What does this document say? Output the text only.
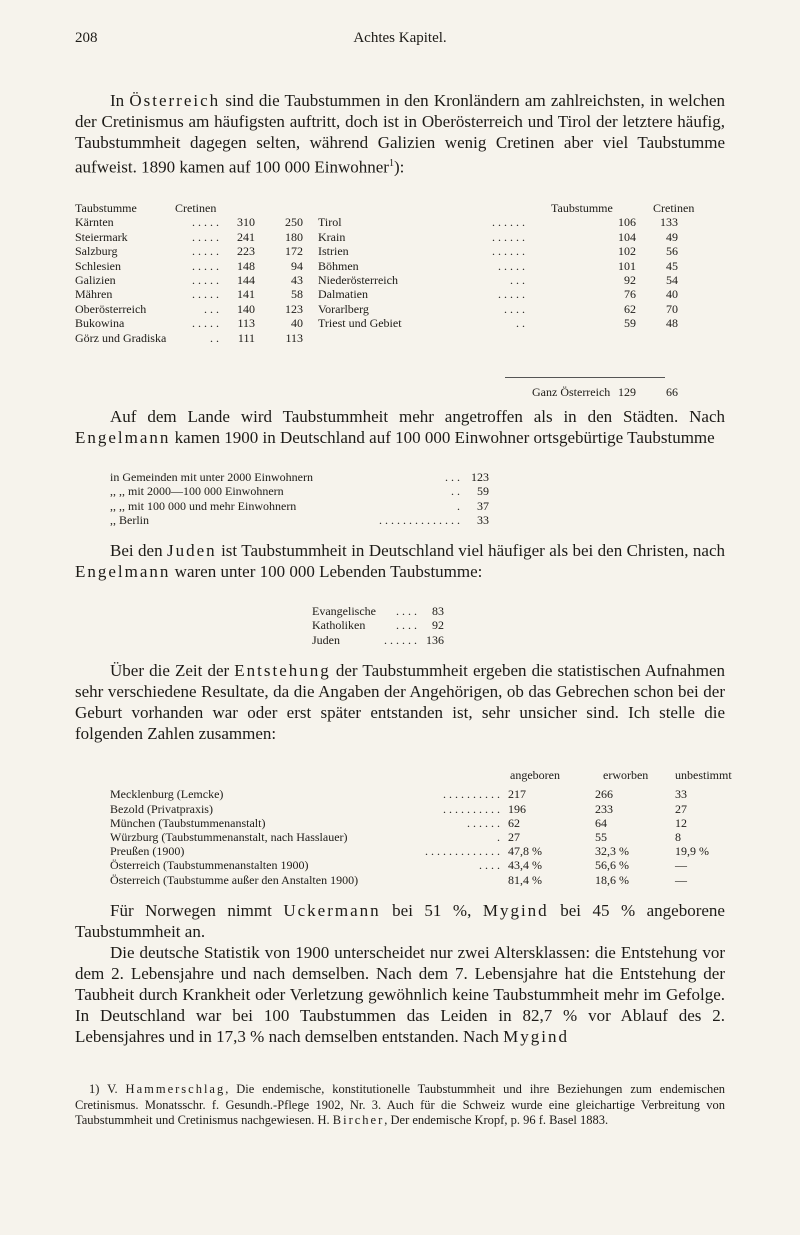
208	Achtes Kapitel.

In Österreich sind die Taubstummen in den Kronländern am zahlreichsten, in welchen der Cretinismus am häufigsten auftritt, doch ist in Oberösterreich und Tirol der letztere häufig, Taubstummheit dagegen selten, während Galizien wenig Cretinen aber viel Taubstumme aufweist. 1890 kamen auf 100 000 Einwohner$^1$):

Taubstumme	Cretinen	Taubstumme	Cretinen
Kärnten	. . . . .	310	250 Tirol	. . . . . .	106	133
Steiermark	. . . . .	241	180 Krain	. . . . . .	104	49
Salzburg	. . . . .	223	172 Istrien	. . . . . .	102	56
Schlesien	. . . . .	148	94 Böhmen	. . . . .	101	45
Galizien	. . . . .	144	43 Niederösterreich	. . .	92	54
Mähren	. . . . .	141	58 Dalmatien	. . . . .	76	40
Oberösterreich	. . .	140	123 Vorarlberg	. . . .	62	70
Bukowina	. . . . .	113	40 Triest und Gebiet	. .	59	48
Görz und Gradiska	. .	111	113
Ganz Österreich 129	66

Auf dem Lande wird Taubstummheit mehr angetroffen als in den Städten. Nach Engelmann kamen 1900 in Deutschland auf 100 000 Einwohner ortsgebürtige Taubstumme

in Gemeinden mit unter 2000 Einwohnern	. . . 123
,, ,, mit 2000—100 000 Einwohnern	. .	59
,, ,, mit 100 000 und mehr Einwohnern	.	37
,, Berlin	. . . . . . . . . . . . . .	33

Bei den Juden ist Taubstummheit in Deutschland viel häufiger als bei den Christen, nach Engelmann waren unter 100 000 Lebenden Taubstumme:

Evangelische	. . . .	83
Katholiken	. . . .	92
Juden	. . . . . . 136

Über die Zeit der Entstehung der Taubstummheit ergeben die statistischen Aufnahmen sehr verschiedene Resultate, da die Angaben der Angehörigen, ob das Gebrechen schon bei der Geburt vorhanden war oder erst später entstanden ist, sehr unsicher sind. Ich stelle die folgenden Zahlen zusammen:

angeboren	erworben unbestimmt
Mecklenburg (Lemcke)	. . . . . . . . . . 217	266	33
Bezold (Privatpraxis)	. . . . . . . . . . 196	233	27
München (Taubstummenanstalt)	. . . . . . 62	64	12
Würzburg (Taubstummenanstalt, nach Hasslauer)	. 27	55	8
Preußen (1900)	. . . . . . . . . . . . . 47,8 %	32,3 %	19,9 %
Österreich (Taubstummenanstalten 1900)	. . . . 43,4 %	56,6 %	—
Österreich (Taubstumme außer den Anstalten 1900)	81,4 %	18,6 %	—

Für Norwegen nimmt Uckermann bei 51 %, Mygind bei 45 % angeborene Taubstummheit an.

Die deutsche Statistik von 1900 unterscheidet nur zwei Altersklassen: die Entstehung vor dem 2. Lebensjahre und nach demselben. Nach dem 7. Lebensjahre hat die Entstehung der Taubheit durch Krankheit oder Verletzung gewöhnlich keine Taubstummheit mehr im Gefolge. In Deutschland war bei 100 Taubstummen das Leiden in 82,7 % vor Ablauf des 2. Lebensjahres und in 17,3 % nach demselben entstanden. Nach Mygind

1) V. Hammerschlag, Die endemische, konstitutionelle Taubstummheit und ihre Beziehungen zum endemischen Cretinismus. Monatsschr. f. Gesundh.-Pflege 1902, Nr. 3. Auch für die Schweiz wurde eine gleichartige Verbreitung von Taubstummheit und Cretinismus nachgewiesen. H. Bircher, Der endemische Kropf, p. 96 f. Basel 1883.
